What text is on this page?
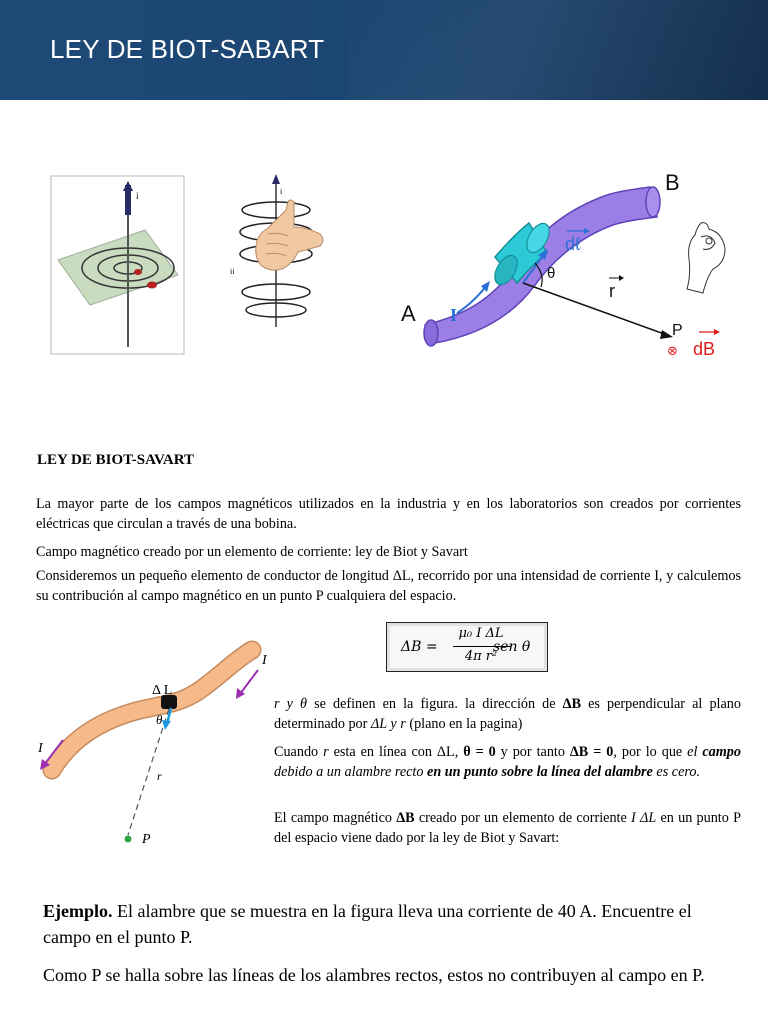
LEY DE BIOT-SABART
i	i
ii
A I
B
dℓ
θ
r
P
⊗ dB
LEY DE BIOT-SAVART
La mayor parte de los campos magnéticos utilizados en la industria y en los laboratorios son creados por corrientes eléctricas que circulan a través de una bobina.
Campo magnético creado por un elemento de corriente: ley de Biot y Savart
Consideremos un pequeño elemento de conductor de longitud ΔL, recorrido por una intensidad de corriente I, y calculemos su contribución al campo magnético en un punto P cualquiera del espacio.
ΔB =
μ₀ I ΔL
4π r²
sen θ
Δ L
θ
I
I
r
P
r y θ se definen en la figura. la dirección de ΔB es perpendicular al plano determinado por ΔL y r (plano en la pagina)
Cuando r esta en línea con ΔL, θ = 0 y por tanto ΔB = 0, por lo que el campo debido a un alambre recto en un punto sobre la línea del alambre es cero.
El campo magnético ΔB creado por un elemento de corriente I ΔL en un punto P del espacio viene dado por la ley de Biot y Savart:
Ejemplo. El alambre que se muestra en la figura lleva una corriente de 40 A. Encuentre el campo en el punto P.
Como P se halla sobre las líneas de los alambres rectos, estos no contribuyen al campo en P.
